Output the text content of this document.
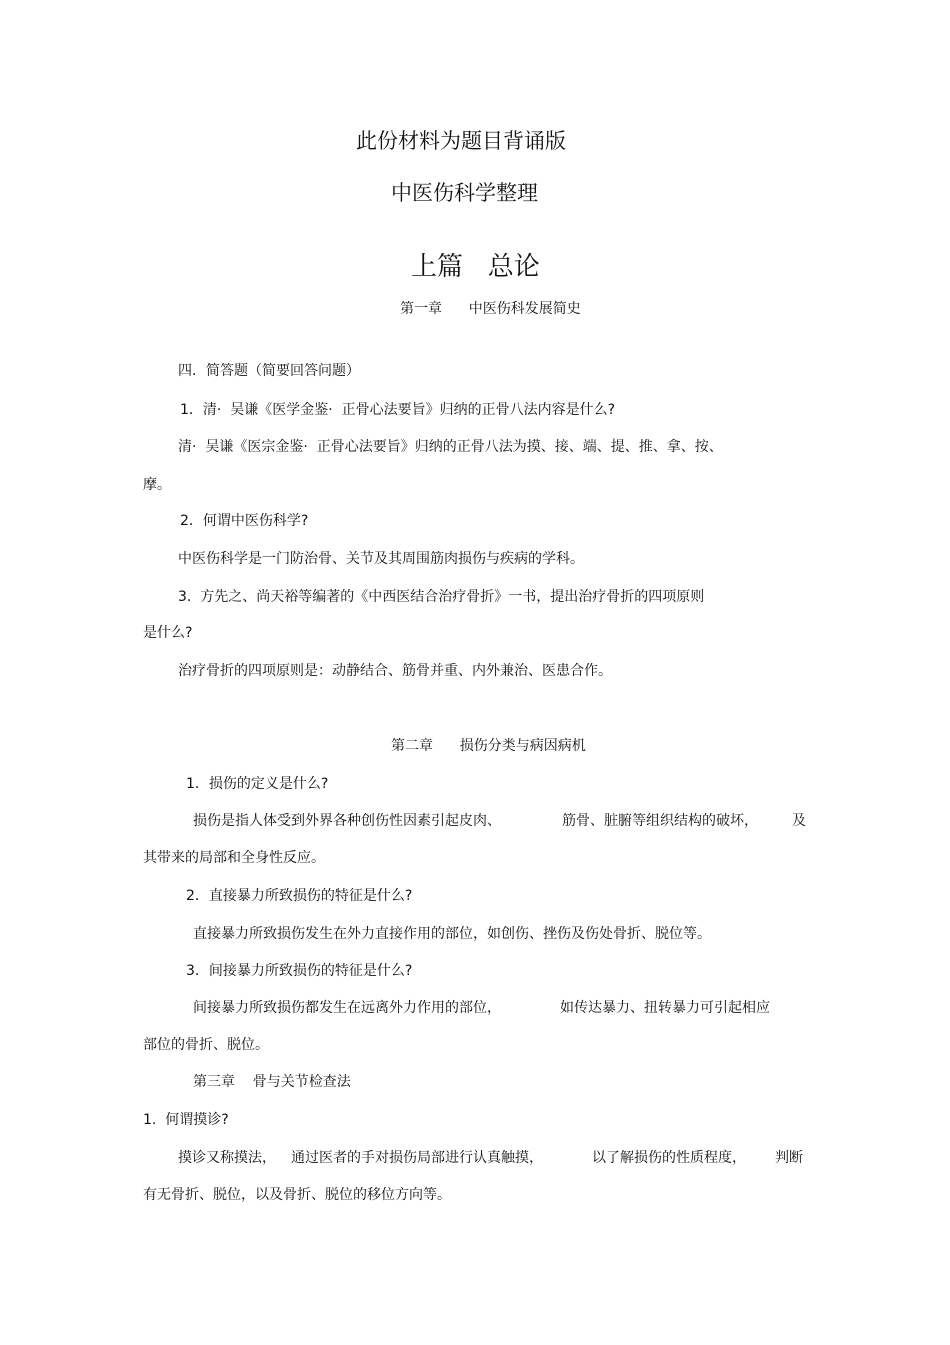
此份材料为题目背诵版
中医伤科学整理
上篇   总论
第一章      中医伤科发展简史
四．简答题（简要回答问题）
1．清·  吴谦《医学金鉴·  正骨心法要旨》归纳的正骨八法内容是什么?
清·  吴谦《医宗金鉴·  正骨心法要旨》归纳的正骨八法为摸、接、端、提、推、拿、按、
摩。
2．何谓中医伤科学?
中医伤科学是一门防治骨、关节及其周围筋肉损伤与疾病的学科。
3.  方先之、尚天裕等编著的《中西医结合治疗骨折》一书，提出治疗骨折的四项原则
是什么?
治疗骨折的四项原则是：动静结合、筋骨并重、内外兼治、医患合作。
第二章      损伤分类与病因病机
1．损伤的定义是什么?
损伤是指人体受到外界各种创伤性因素引起皮肉、	筋骨、脏腑等组织结构的破坏， 及
其带来的局部和全身性反应。
2．直接暴力所致损伤的特征是什么?
直接暴力所致损伤发生在外力直接作用的部位，如创伤、挫伤及伤处骨折、脱位等。
3．间接暴力所致损伤的特征是什么?
间接暴力所致损伤都发生在远离外力作用的部位，	如传达暴力、扭转暴力可引起相应
部位的骨折、脱位。
第三章    骨与关节检查法
1.  何谓摸诊?
摸诊又称摸法， 通过医者的手对损伤局部进行认真触摸，	以了解损伤的性质程度， 判断
有无骨折、脱位，以及骨折、脱位的移位方向等。
